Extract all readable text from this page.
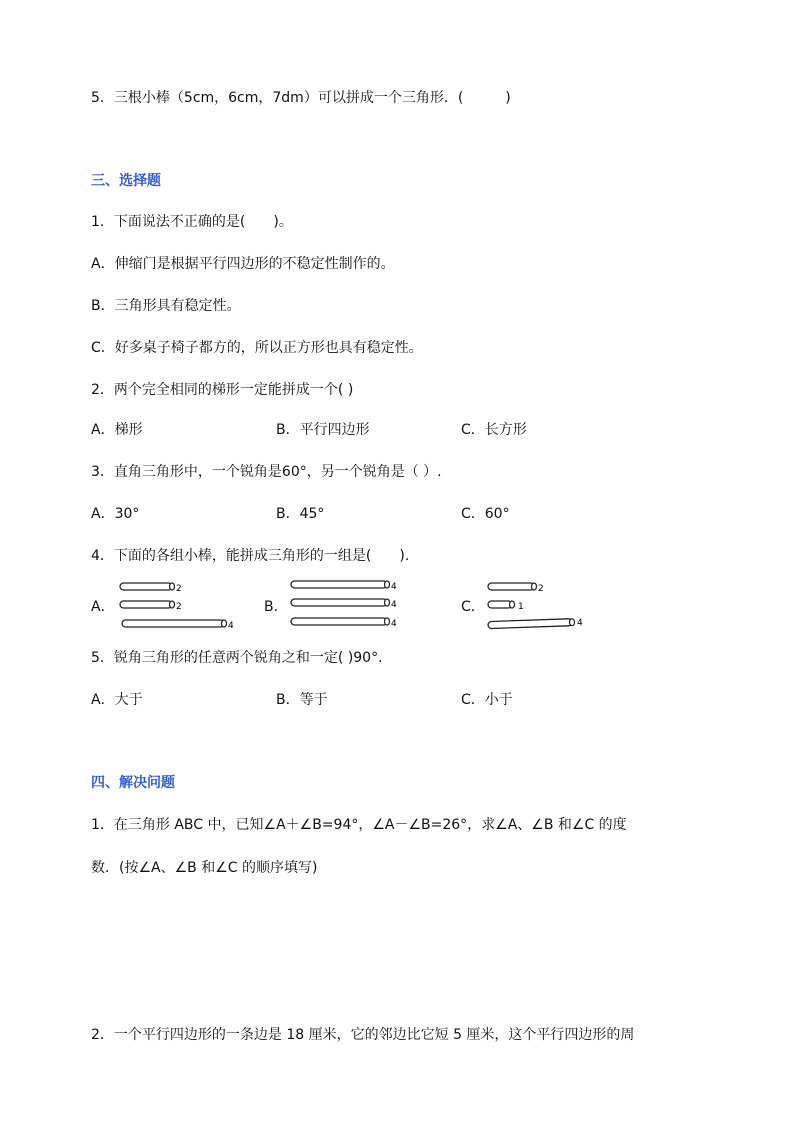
5．三根小棒（5cm，6cm，7dm）可以拼成一个三角形．(　　　)
三、选择题
1．下面说法不正确的是(　　)。
A．伸缩门是根据平行四边形的不稳定性制作的。
B．三角形具有稳定性。
C．好多桌子椅子都方的，所以正方形也具有稳定性。
2．两个完全相同的梯形一定能拼成一个( )
A．梯形	B．平行四边形	C．长方形
3．直角三角形中，一个锐角是60°，另一个锐角是（ ）.
A．30°	B．45°	C．60°
4．下面的各组小棒，能拼成三角形的一组是(　　).
A．	B．	C．
2
2
4
4
4
4
2
1
4
5．锐角三角形的任意两个锐角之和一定( )90°.
A．大于	B．等于	C．小于
四、解决问题
1．在三角形 ABC 中，已知∠A＋∠B=94°，∠A－∠B=26°，求∠A、∠B 和∠C 的度
数．(按∠A、∠B 和∠C 的顺序填写)
2．一个平行四边形的一条边是 18 厘米，它的邻边比它短 5 厘米，这个平行四边形的周
